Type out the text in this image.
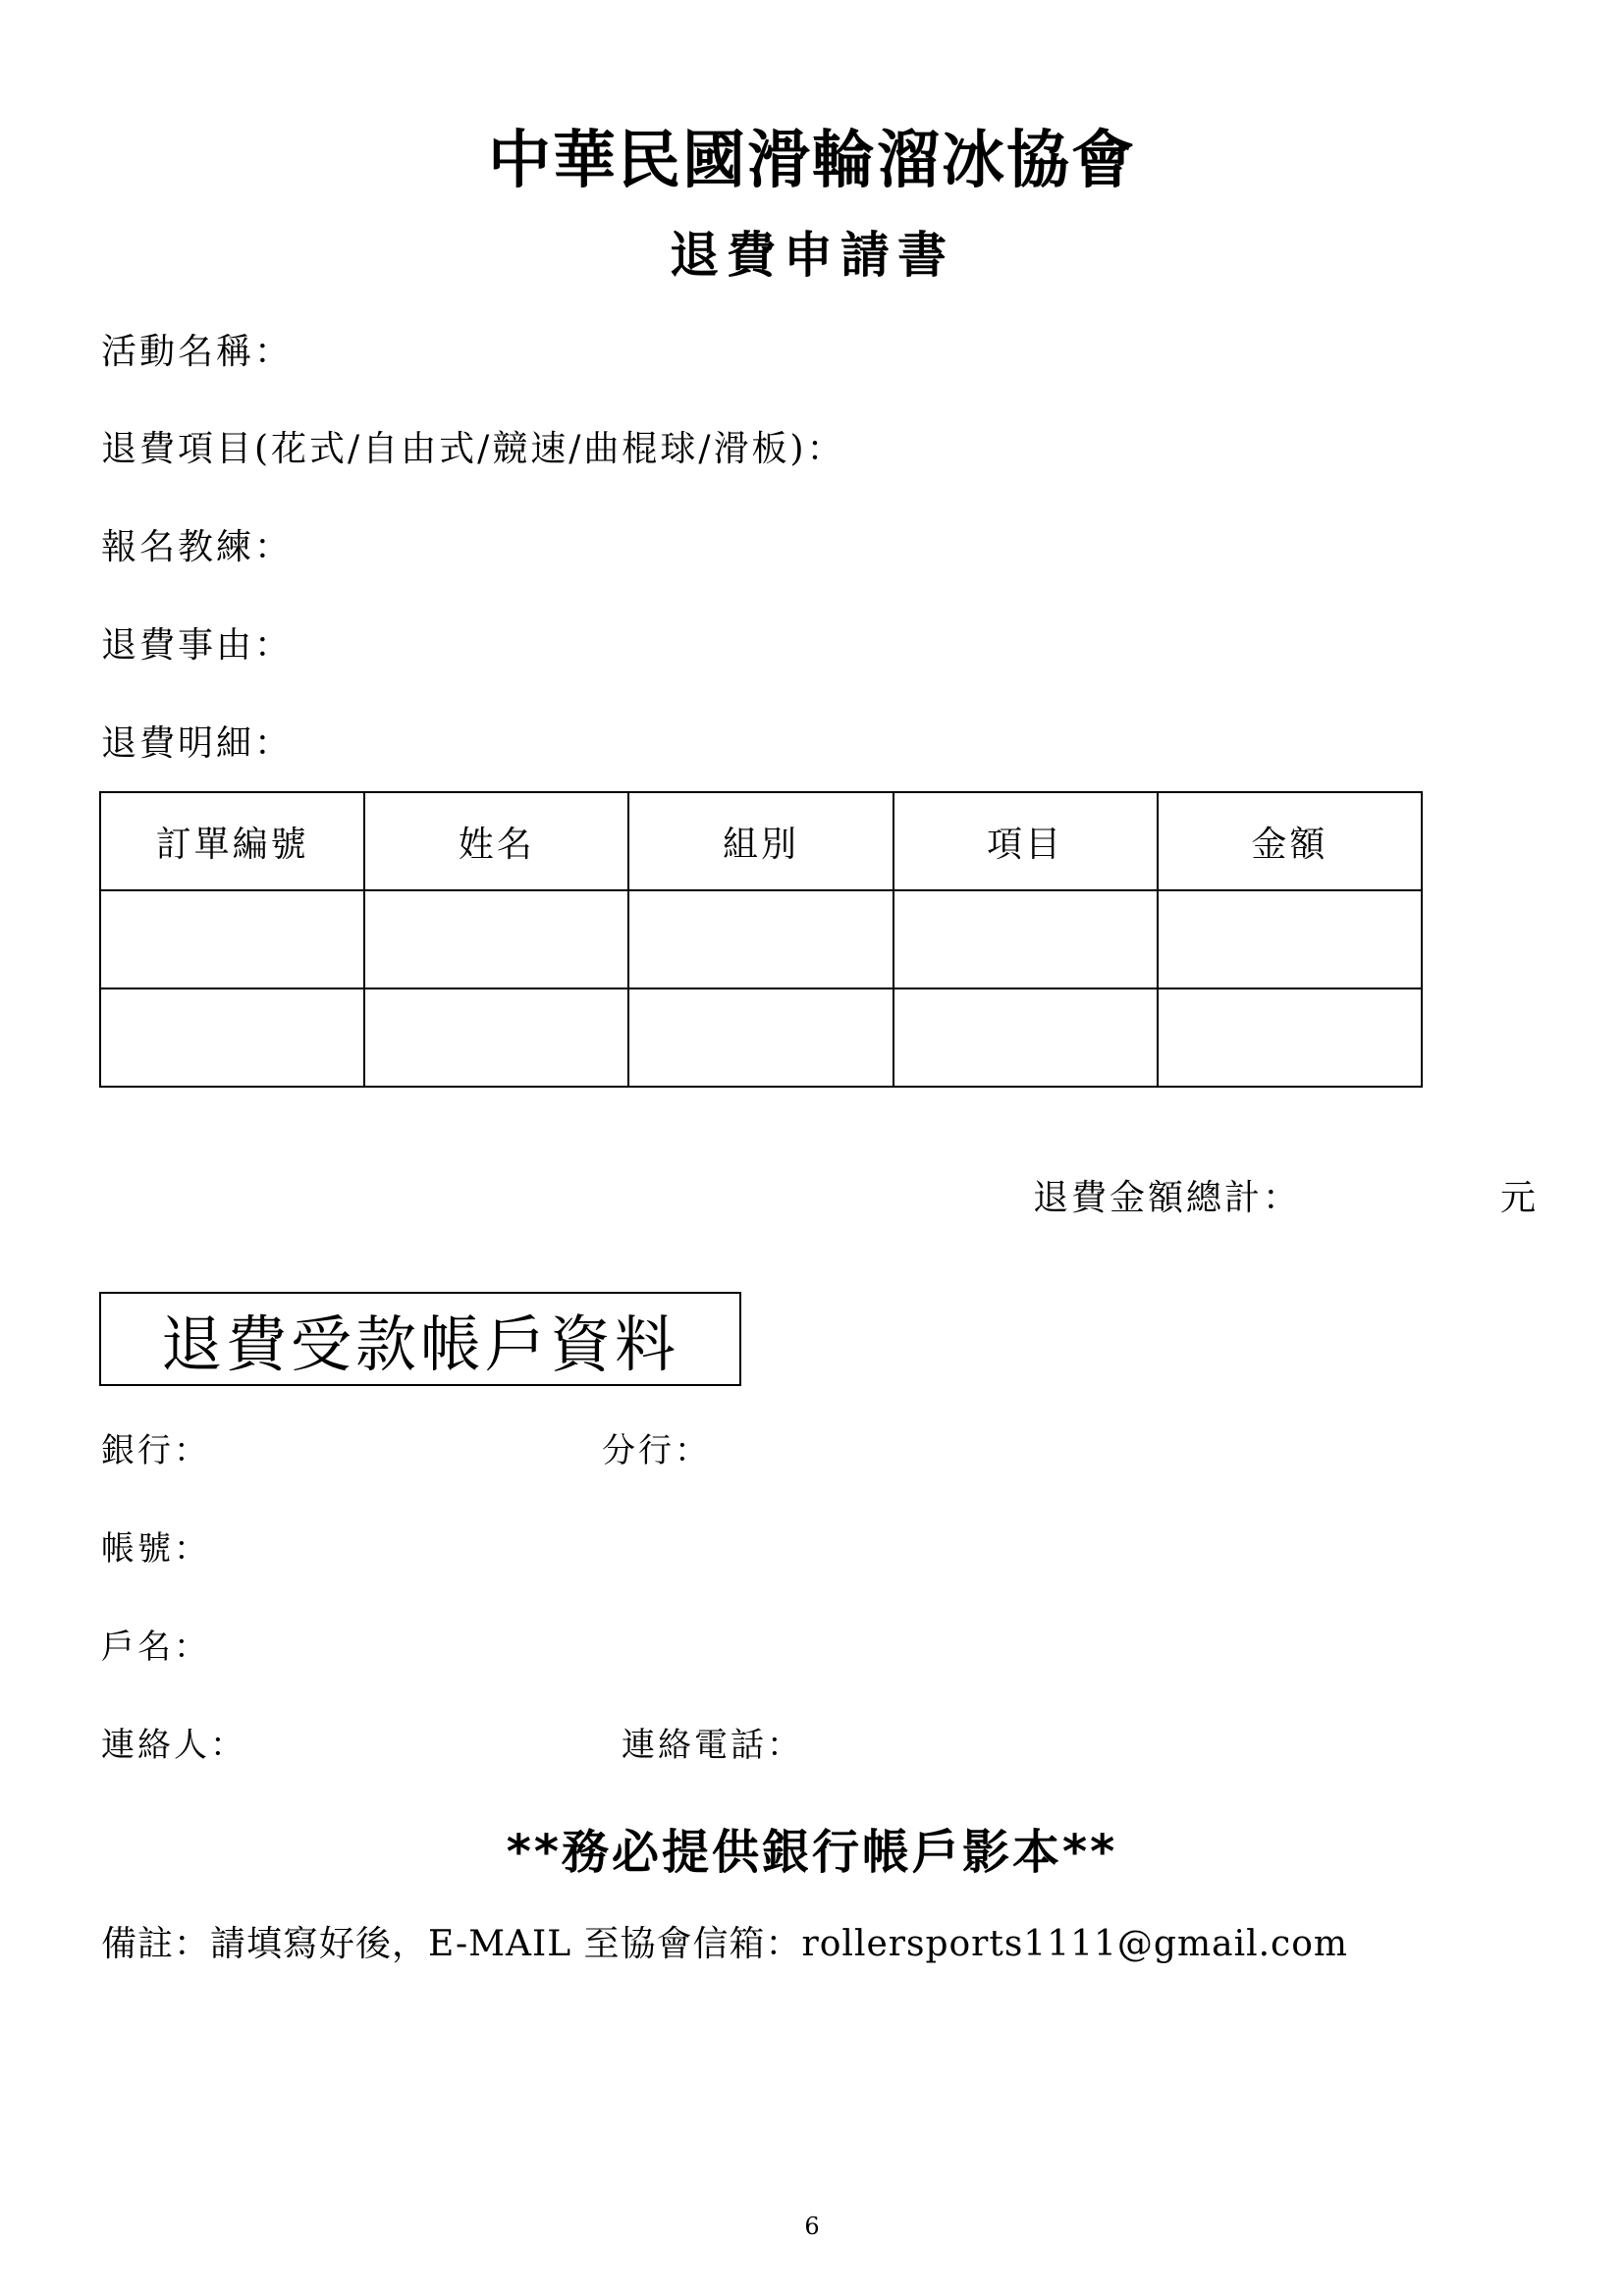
中華民國滑輪溜冰協會
退費申請書
活動名稱：
退費項目(花式/自由式/競速/曲棍球/滑板)：
報名教練：
退費事由：
退費明細：
訂單編號	姓名	組別	項目	金額

退費金額總計：	元
退費受款帳戶資料
銀行：	分行：
帳號：
戶名：
連絡人：	連絡電話：
**務必提供銀行帳戶影本**
備註：請填寫好後，E-MAIL 至協會信箱：rollersports1111@gmail.com
6
